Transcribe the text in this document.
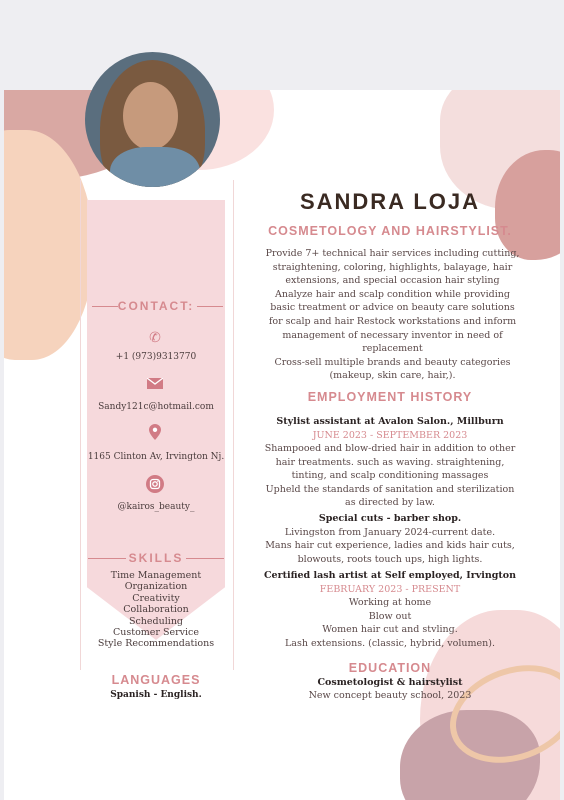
CONTACT:
✆
+1 (973)9313770
Sandy121c@hotmail.com
1165 Clinton Av, Irvington Nj.
@kairos_beauty_
SKILLS
Time Management
Organization
Creativity
Collaboration
Scheduling
Customer Service
Style Recommendations
LANGUAGES
Spanish - English.
SANDRA LOJA
COSMETOLOGY AND HAIRSTYLIST.
Provide 7+ technical hair services including cutting,
straightening, coloring, highlights, balayage, hair
extensions, and special occasion hair styling
Analyze hair and scalp condition while providing
basic treatment or advice on beauty care solutions
for scalp and hair Restock workstations and inform
management of necessary inventor in need of
replacement
Cross-sell multiple brands and beauty categories
(makeup, skin care, hair,).
EMPLOYMENT HISTORY
Stylist assistant at Avalon Salon., Millburn
JUNE 2023 - SEPTEMBER 2023
Shampooed and blow-dried hair in addition to other
hair treatments. such as waving. straightening,
tinting, and scalp conditioning massages
Upheld the standards of sanitation and sterilization
as directed by law.
Special cuts - barber shop.
Livingston from January 2024-current date.
Mans hair cut experience, ladies and kids hair cuts,
blowouts, roots touch ups, high lights.
Certified lash artist at Self employed, Irvington
FEBRUARY 2023 - PRESENT
Working at home
Blow out
Women hair cut and stvling.
Lash extensions. (classic, hybrid, volumen).
EDUCATION
Cosmetologist & hairstylist
New concept beauty school, 2023
